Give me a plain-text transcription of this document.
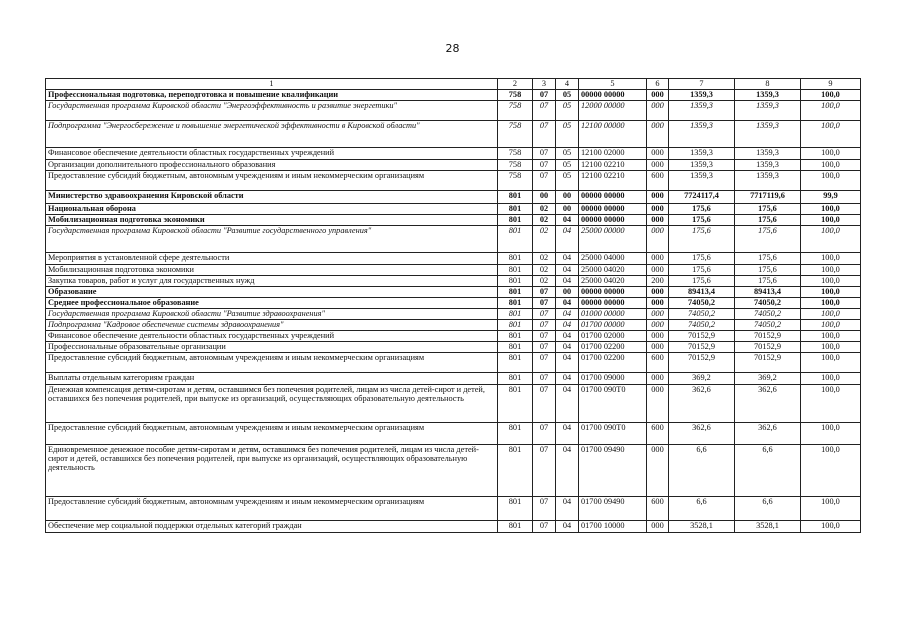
28
1	2	3	4	5	6	7	8	9
Профессиональная подготовка, переподготовка и повышение квалификации	758	07	05	00000 00000	000	1359,3	1359,3	100,0
Государственная программа Кировской области "Энергоэффективность и развитие энергетики"	758	07	05	12000 00000	000	1359,3	1359,3	100,0
Подпрограмма "Энергосбережение и повышение энергетической эффективности в Кировской области"	758	07	05	12100 00000	000	1359,3	1359,3	100,0
Финансовое обеспечение деятельности областных государственных учреждений	758	07	05	12100 02000	000	1359,3	1359,3	100,0
Организации дополнительного профессионального образования	758	07	05	12100 02210	000	1359,3	1359,3	100,0
Предоставление субсидий бюджетным, автономным учреждениям и иным некоммерческим организациям	758	07	05	12100 02210	600	1359,3	1359,3	100,0
Министерство здравоохранения Кировской области	801	00	00	00000 00000	000	7724117,4	7717119,6	99,9
Национальная оборона	801	02	00	00000 00000	000	175,6	175,6	100,0
Мобилизационная подготовка экономики	801	02	04	00000 00000	000	175,6	175,6	100,0
Государственная программа Кировской области "Развитие государственного управления"	801	02	04	25000 00000	000	175,6	175,6	100,0
Мероприятия в установленной сфере деятельности	801	02	04	25000 04000	000	175,6	175,6	100,0
Мобилизационная подготовка экономики	801	02	04	25000 04020	000	175,6	175,6	100,0
Закупка товаров, работ и услуг для государственных нужд	801	02	04	25000 04020	200	175,6	175,6	100,0
Образование	801	07	00	00000 00000	000	89413,4	89413,4	100,0
Среднее профессиональное образование	801	07	04	00000 00000	000	74050,2	74050,2	100,0
Государственная программа Кировской области "Развитие здравоохранения"	801	07	04	01000 00000	000	74050,2	74050,2	100,0
Подпрограмма "Кадровое обеспечение системы здравоохранения"	801	07	04	01700 00000	000	74050,2	74050,2	100,0
Финансовое обеспечение деятельности областных государственных учреждений	801	07	04	01700 02000	000	70152,9	70152,9	100,0
Профессиональные образовательные организации	801	07	04	01700 02200	000	70152,9	70152,9	100,0
Предоставление субсидий бюджетным, автономным учреждениям и иным некоммерческим организациям	801	07	04	01700 02200	600	70152,9	70152,9	100,0
Выплаты отдельным категориям граждан	801	07	04	01700 09000	000	369,2	369,2	100,0
Денежная компенсация детям-сиротам и детям, оставшимся без попечения родителей, лицам из числа детей-сирот и детей, оставшихся без попечения родителей, при выпуске из организаций, осуществляющих образовательную деятельность	801	07	04	01700 090Т0	000	362,6	362,6	100,0
Предоставление субсидий бюджетным, автономным учреждениям и иным некоммерческим организациям	801	07	04	01700 090Т0	600	362,6	362,6	100,0
Единовременное денежное пособие детям-сиротам и детям, оставшимся без попечения родителей, лицам из числа детей-сирот и детей, оставшихся без попечения родителей, при выпуске из организаций, осуществляющих образовательную деятельность	801	07	04	01700 09490	000	6,6	6,6	100,0
Предоставление субсидий бюджетным, автономным учреждениям и иным некоммерческим организациям	801	07	04	01700 09490	600	6,6	6,6	100,0
Обеспечение мер социальной поддержки отдельных категорий граждан	801	07	04	01700 10000	000	3528,1	3528,1	100,0
